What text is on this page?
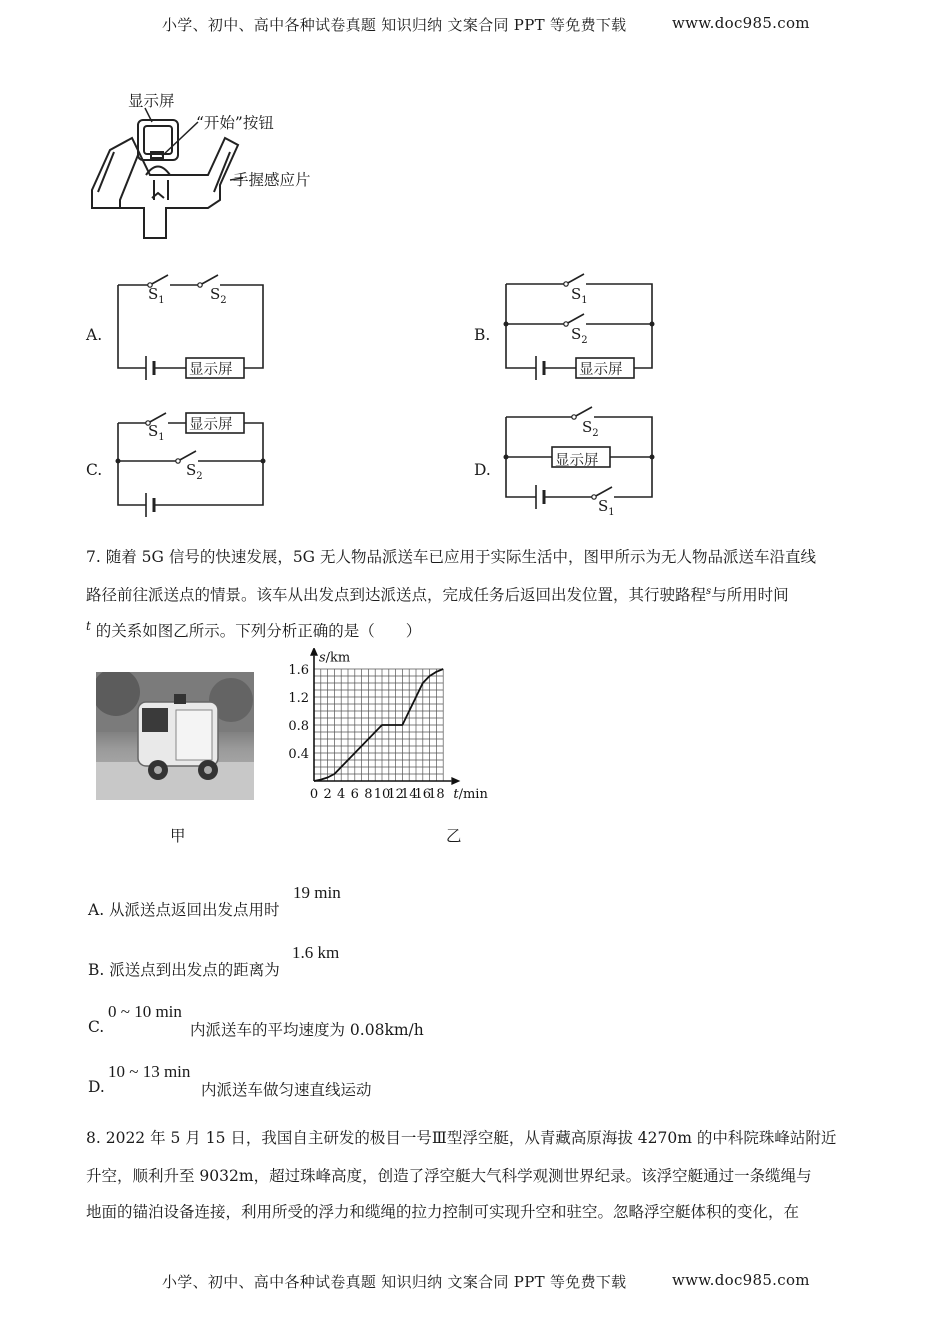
小学、初中、高中各种试卷真题 知识归纳 文案合同 PPT 等免费下载	www.doc985.com
显示屏
“开始”按钮
手握感应片
A.
$S_1$	$S_2$
显示屏
B.
$S_1$
$S_2$
显示屏
C.
$S_1$
$S_2$
显示屏
D.
$S_2$
$S_1$
显示屏
7. 随着 5G 信号的快速发展，5G 无人物品派送车已应用于实际生活中，图甲所示为无人物品派送车沿直线
路径前往派送点的情景。该车从出发点到达派送点，完成任务后返回出发位置，其行驶路程$^s$与所用时间
$^t$ 的关系如图乙所示。下列分析正确的是（　　）
甲
0 2 4 6 8 10
12
14
16
18
0.4
0.8
1.2
1.6
s/km
t/min
乙
A. 从派送点返回出发点用时
19 min
B. 派送点到出发点的距离为
1.6 km
C.
0 ~ 10 min
内派送车的平均速度为 0.08km/h
D.
10 ~ 13 min
内派送车做匀速直线运动
8. 2022 年 5 月 15 日，我国自主研发的极目一号Ⅲ型浮空艇，从青藏高原海拔 4270m 的中科院珠峰站附近
升空，顺利升至 9032m，超过珠峰高度，创造了浮空艇大气科学观测世界纪录。该浮空艇通过一条缆绳与
地面的锚泊设备连接，利用所受的浮力和缆绳的拉力控制可实现升空和驻空。忽略浮空艇体积的变化，在
小学、初中、高中各种试卷真题 知识归纳 文案合同 PPT 等免费下载	www.doc985.com
